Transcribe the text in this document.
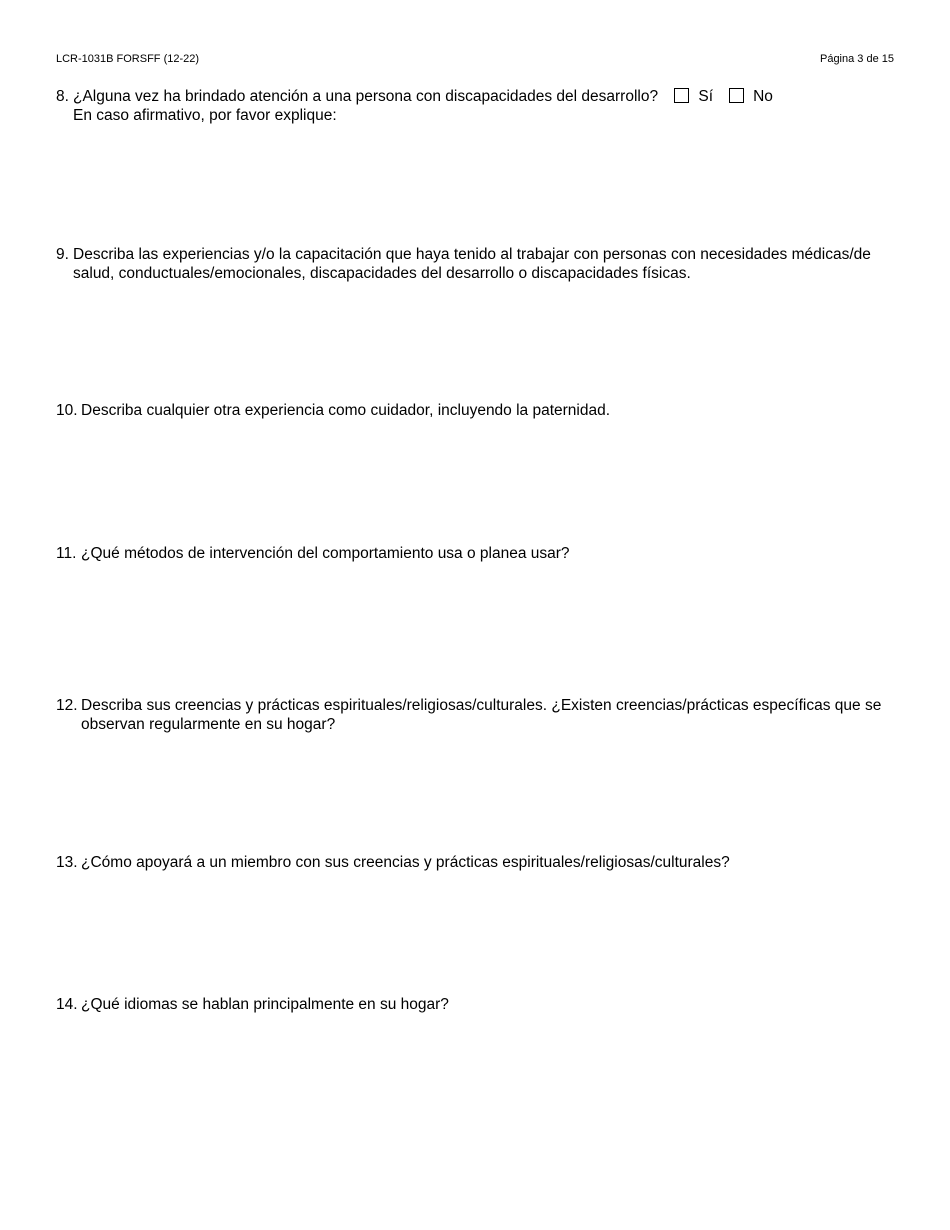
LCR-1031B FORSFF (12-22)	Página 3 de 15
8. ¿Alguna vez ha brindado atención a una persona con discapacidades del desarrollo?	Sí	No
En caso afirmativo, por favor explique:
9. Describa las experiencias y/o la capacitación que haya tenido al trabajar con personas con necesidades médicas/de salud, conductuales/emocionales, discapacidades del desarrollo o discapacidades físicas.
10. Describa cualquier otra experiencia como cuidador, incluyendo la paternidad.
11. ¿Qué métodos de intervención del comportamiento usa o planea usar?
12. Describa sus creencias y prácticas espirituales/religiosas/culturales. ¿Existen creencias/prácticas específicas que se observan regularmente en su hogar?
13. ¿Cómo apoyará a un miembro con sus creencias y prácticas espirituales/religiosas/culturales?
14. ¿Qué idiomas se hablan principalmente en su hogar?
